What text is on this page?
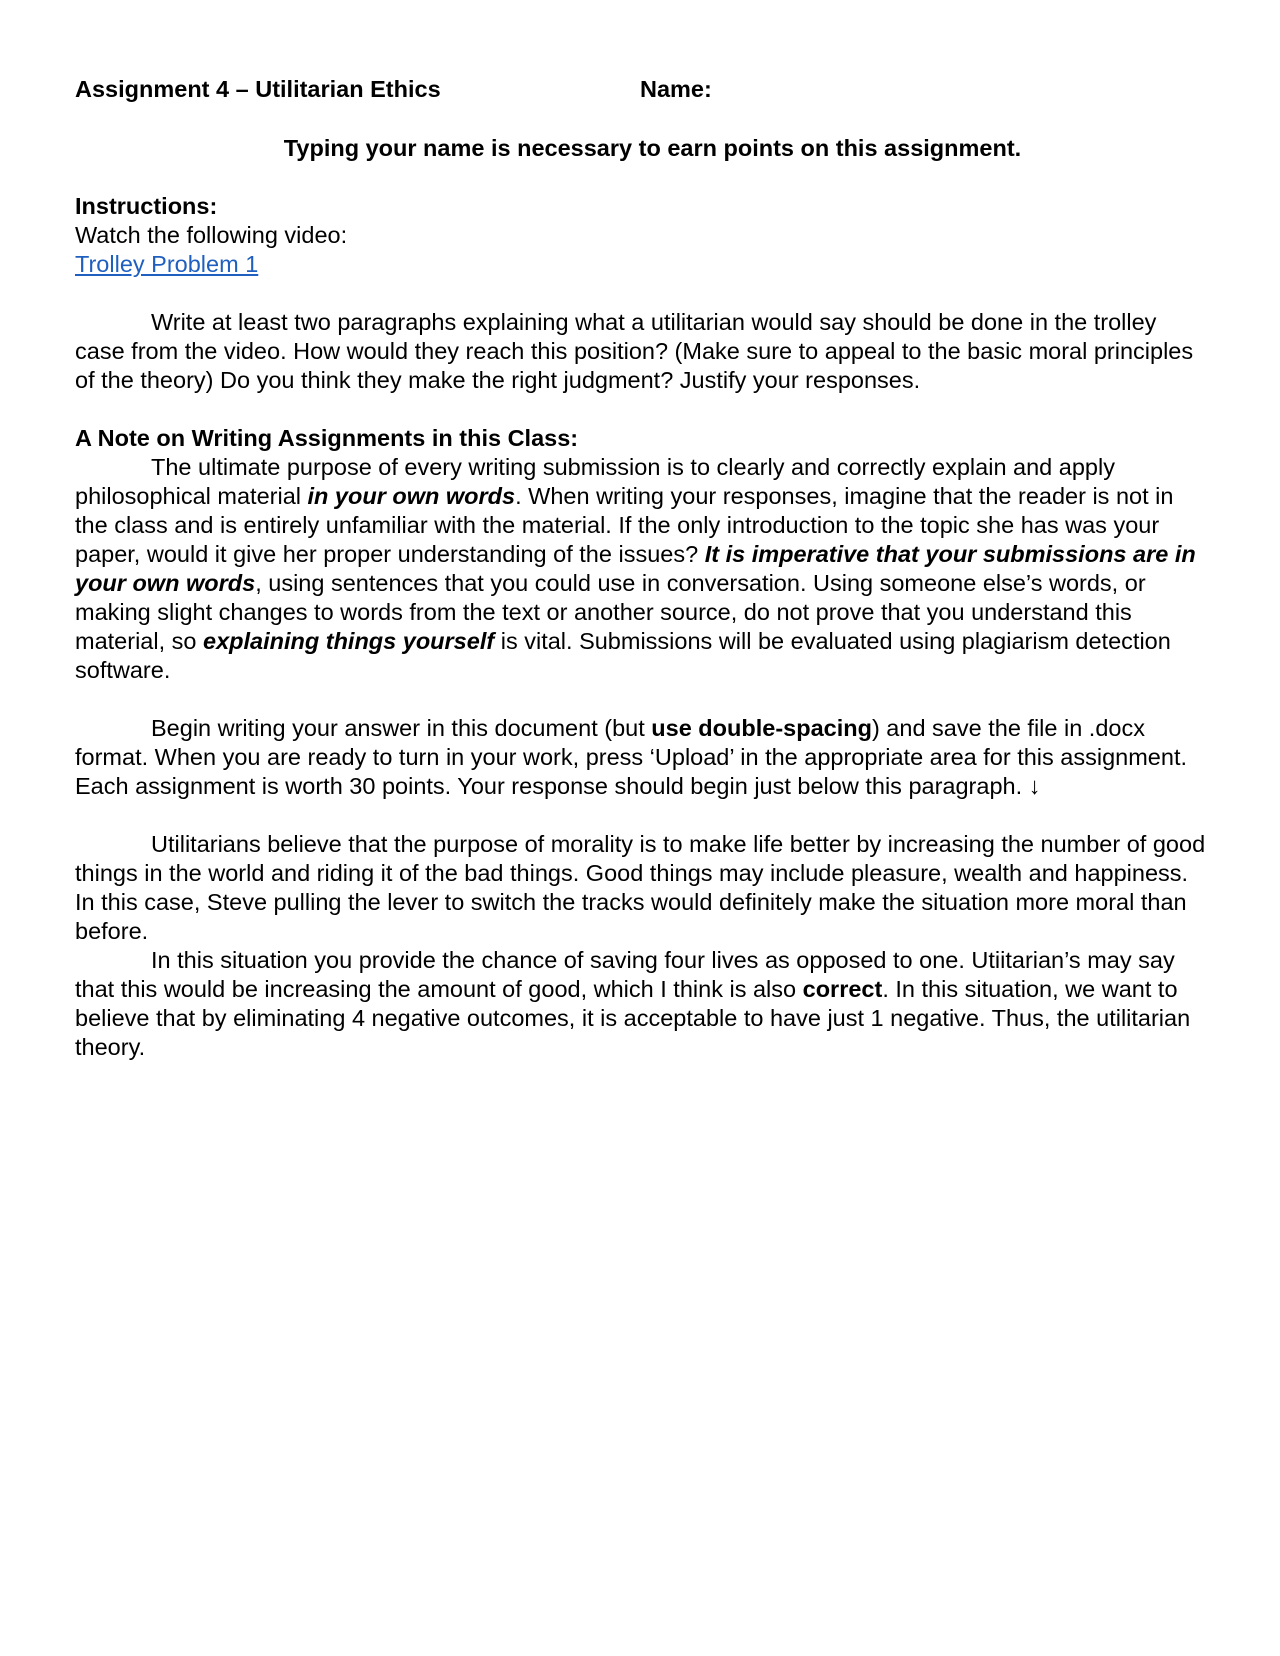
Assignment 4 – Utilitarian Ethics	Name:
Typing your name is necessary to earn points on this assignment.
Instructions:
Watch the following video:
Trolley Problem 1

Write at least two paragraphs explaining what a utilitarian would say should be done in the trolley case from the video. How would they reach this position? (Make sure to appeal to the basic moral principles of the theory) Do you think they make the right judgment? Justify your responses.

A Note on Writing Assignments in this Class:

The ultimate purpose of every writing submission is to clearly and correctly explain and apply philosophical material in your own words. When writing your responses, imagine that the reader is not in the class and is entirely unfamiliar with the material. If the only introduction to the topic she has was your paper, would it give her proper understanding of the issues? It is imperative that your submissions are in your own words, using sentences that you could use in conversation. Using someone else’s words, or making slight changes to words from the text or another source, do not prove that you understand this material, so explaining things yourself is vital. Submissions will be evaluated using plagiarism detection software.

Begin writing your answer in this document (but use double-spacing) and save the file in .docx format. When you are ready to turn in your work, press ‘Upload’ in the appropriate area for this assignment. Each assignment is worth 30 points. Your response should begin just below this paragraph. ↓

Utilitarians believe that the purpose of morality is to make life better by increasing the number of good things in the world and riding it of the bad things. Good things may include pleasure, wealth and happiness. In this case, Steve pulling the lever to switch the tracks would definitely make the situation more moral than before.

In this situation you provide the chance of saving four lives as opposed to one. Utiitarian’s may say that this would be increasing the amount of good, which I think is also correct. In this situation, we want to believe that by eliminating 4 negative outcomes, it is acceptable to have just 1 negative. Thus, the utilitarian theory.
